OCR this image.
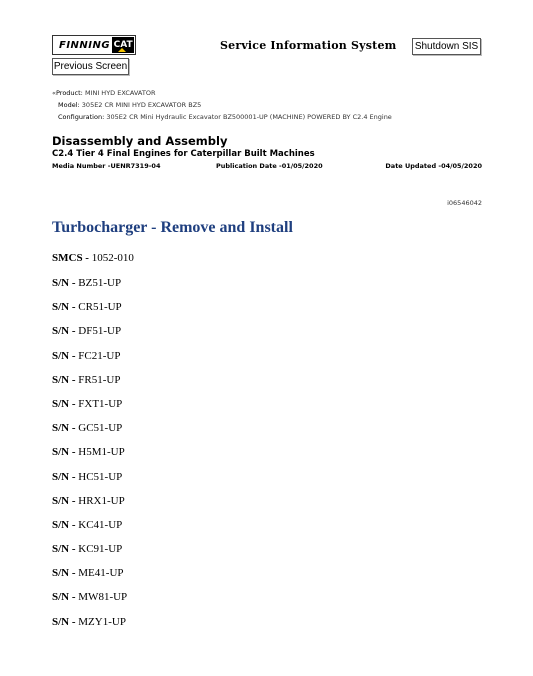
FINNING CAT	Service Information System Shutdown SIS
Previous Screen
«Product: MINI HYD EXCAVATOR
Model: 305E2 CR MINI HYD EXCAVATOR BZ5
Configuration: 305E2 CR Mini Hydraulic Excavator BZ500001-UP (MACHINE) POWERED BY C2.4 Engine
Disassembly and Assembly
C2.4 Tier 4 Final Engines for Caterpillar Built Machines
Media Number -UENR7319-04	Publication Date -01/05/2020	Date Updated -04/05/2020
i06546042
Turbocharger - Remove and Install
SMCS - 1052-010
S/N - BZ51-UP
S/N - CR51-UP
S/N - DF51-UP
S/N - FC21-UP
S/N - FR51-UP
S/N - FXT1-UP
S/N - GC51-UP
S/N - H5M1-UP
S/N - HC51-UP
S/N - HRX1-UP
S/N - KC41-UP
S/N - KC91-UP
S/N - ME41-UP
S/N - MW81-UP
S/N - MZY1-UP
